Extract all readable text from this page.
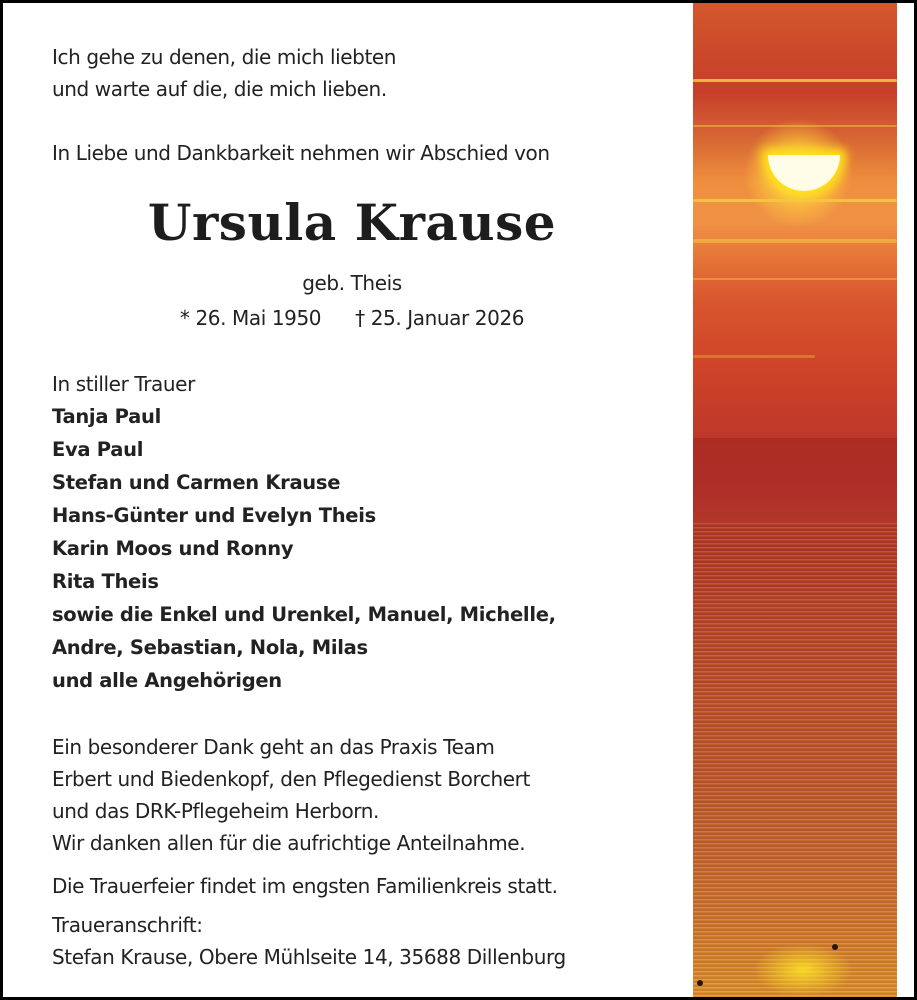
Ich gehe zu denen, die mich liebten
und warte auf die, die mich lieben.
In Liebe und Dankbarkeit nehmen wir Abschied von
Ursula Krause
geb. Theis
* 26. Mai 1950 † 25. Januar 2026
In stiller Trauer
Tanja Paul
Eva Paul
Stefan und Carmen Krause
Hans-Günter und Evelyn Theis
Karin Moos und Ronny
Rita Theis
sowie die Enkel und Urenkel, Manuel, Michelle,
Andre, Sebastian, Nola, Milas
und alle Angehörigen
Ein besonderer Dank geht an das Praxis Team
Erbert und Biedenkopf, den Pflegedienst Borchert
und das DRK-Pflegeheim Herborn.
Wir danken allen für die aufrichtige Anteilnahme.
Die Trauerfeier findet im engsten Familienkreis statt.
Traueranschrift:
Stefan Krause, Obere Mühlseite 14, 35688 Dillenburg
